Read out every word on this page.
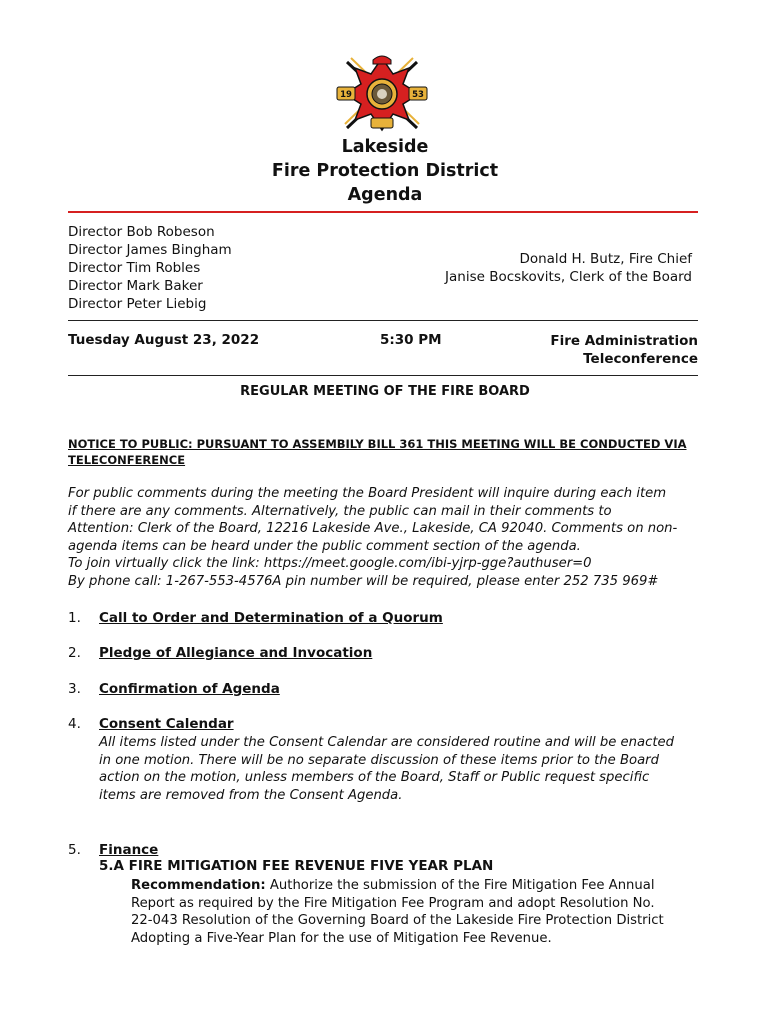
19	53
Lakeside
Fire Protection District
Agenda
Director Bob Robeson
Director James Bingham
Director Tim Robles
Director Mark Baker
Director Peter Liebig
Donald H. Butz, Fire Chief
Janise Bocskovits, Clerk of the Board
Tuesday August 23, 2022	5:30 PM	Fire Administration
Teleconference
REGULAR MEETING OF THE FIRE BOARD
NOTICE TO PUBLIC: PURSUANT TO ASSEMBILY BILL 361 THIS MEETING WILL BE CONDUCTED VIA
TELECONFERENCE
For public comments during the meeting the Board President will inquire during each item
if there are any comments. Alternatively, the public can mail in their comments to
Attention: Clerk of the Board, 12216 Lakeside Ave., Lakeside, CA 92040. Comments on non-
agenda items can be heard under the public comment section of the agenda.
To join virtually click the link: https://meet.google.com/ibi-yjrp-gge?authuser=0
By phone call: 1-267-553-4576A pin number will be required, please enter 252 735 969#
1.	Call to Order and Determination of a Quorum
2.	Pledge of Allegiance and Invocation
3.	Confirmation of Agenda
4.	Consent Calendar
All items listed under the Consent Calendar are considered routine and will be enacted
in one motion. There will be no separate discussion of these items prior to the Board
action on the motion, unless members of the Board, Staff or Public request specific
items are removed from the Consent Agenda.
5.	Finance
5.A FIRE MITIGATION FEE REVENUE FIVE YEAR PLAN
Recommendation: Authorize the submission of the Fire Mitigation Fee Annual
Report as required by the Fire Mitigation Fee Program and adopt Resolution No.
22-043 Resolution of the Governing Board of the Lakeside Fire Protection District
Adopting a Five-Year Plan for the use of Mitigation Fee Revenue.
